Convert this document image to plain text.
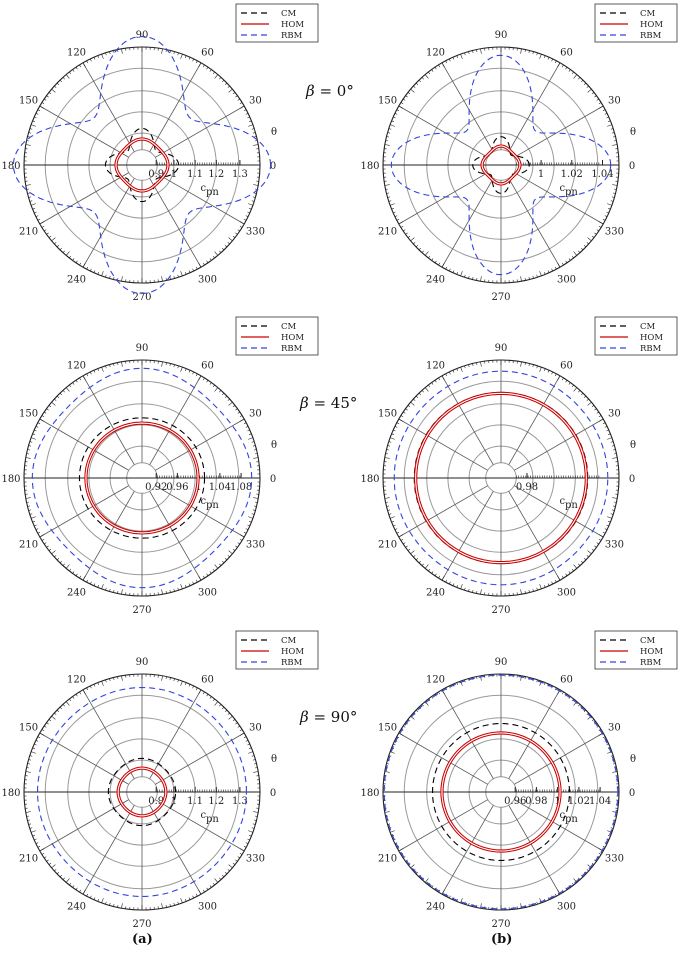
0
30
60
90
120
150
180
210
240
270
300
330
θ
0.9 1 1.1 1.2 1.3
c pn
CM
HOM
RBM
0
30
60
90
120
150
180
210
240
270
300
330
θ
1 1.02 1.04
c pn
CM
HOM
RBM
0
30
60
90
120
150
180
210
240
270
300
330
θ
0.92
0.96 1 1.04
1.08
c pn
CM
HOM
RBM
0
30
60
90
120
150
180
210
240
270
300
330
θ
0.98
c pn
CM
HOM
RBM
0
30
60
90
120
150
180
210
240
270
300
330
θ
0.9 1 1.1 1.2 1.3
c pn
CM
HOM
RBM
0
30
60
90
120
150
180
210
240
270
300
330
θ
0.96
0.98 1 1.02
1.04
c pn
CM
HOM
RBM
β = 0°
β = 45°
β = 90°
(a)	(b)
